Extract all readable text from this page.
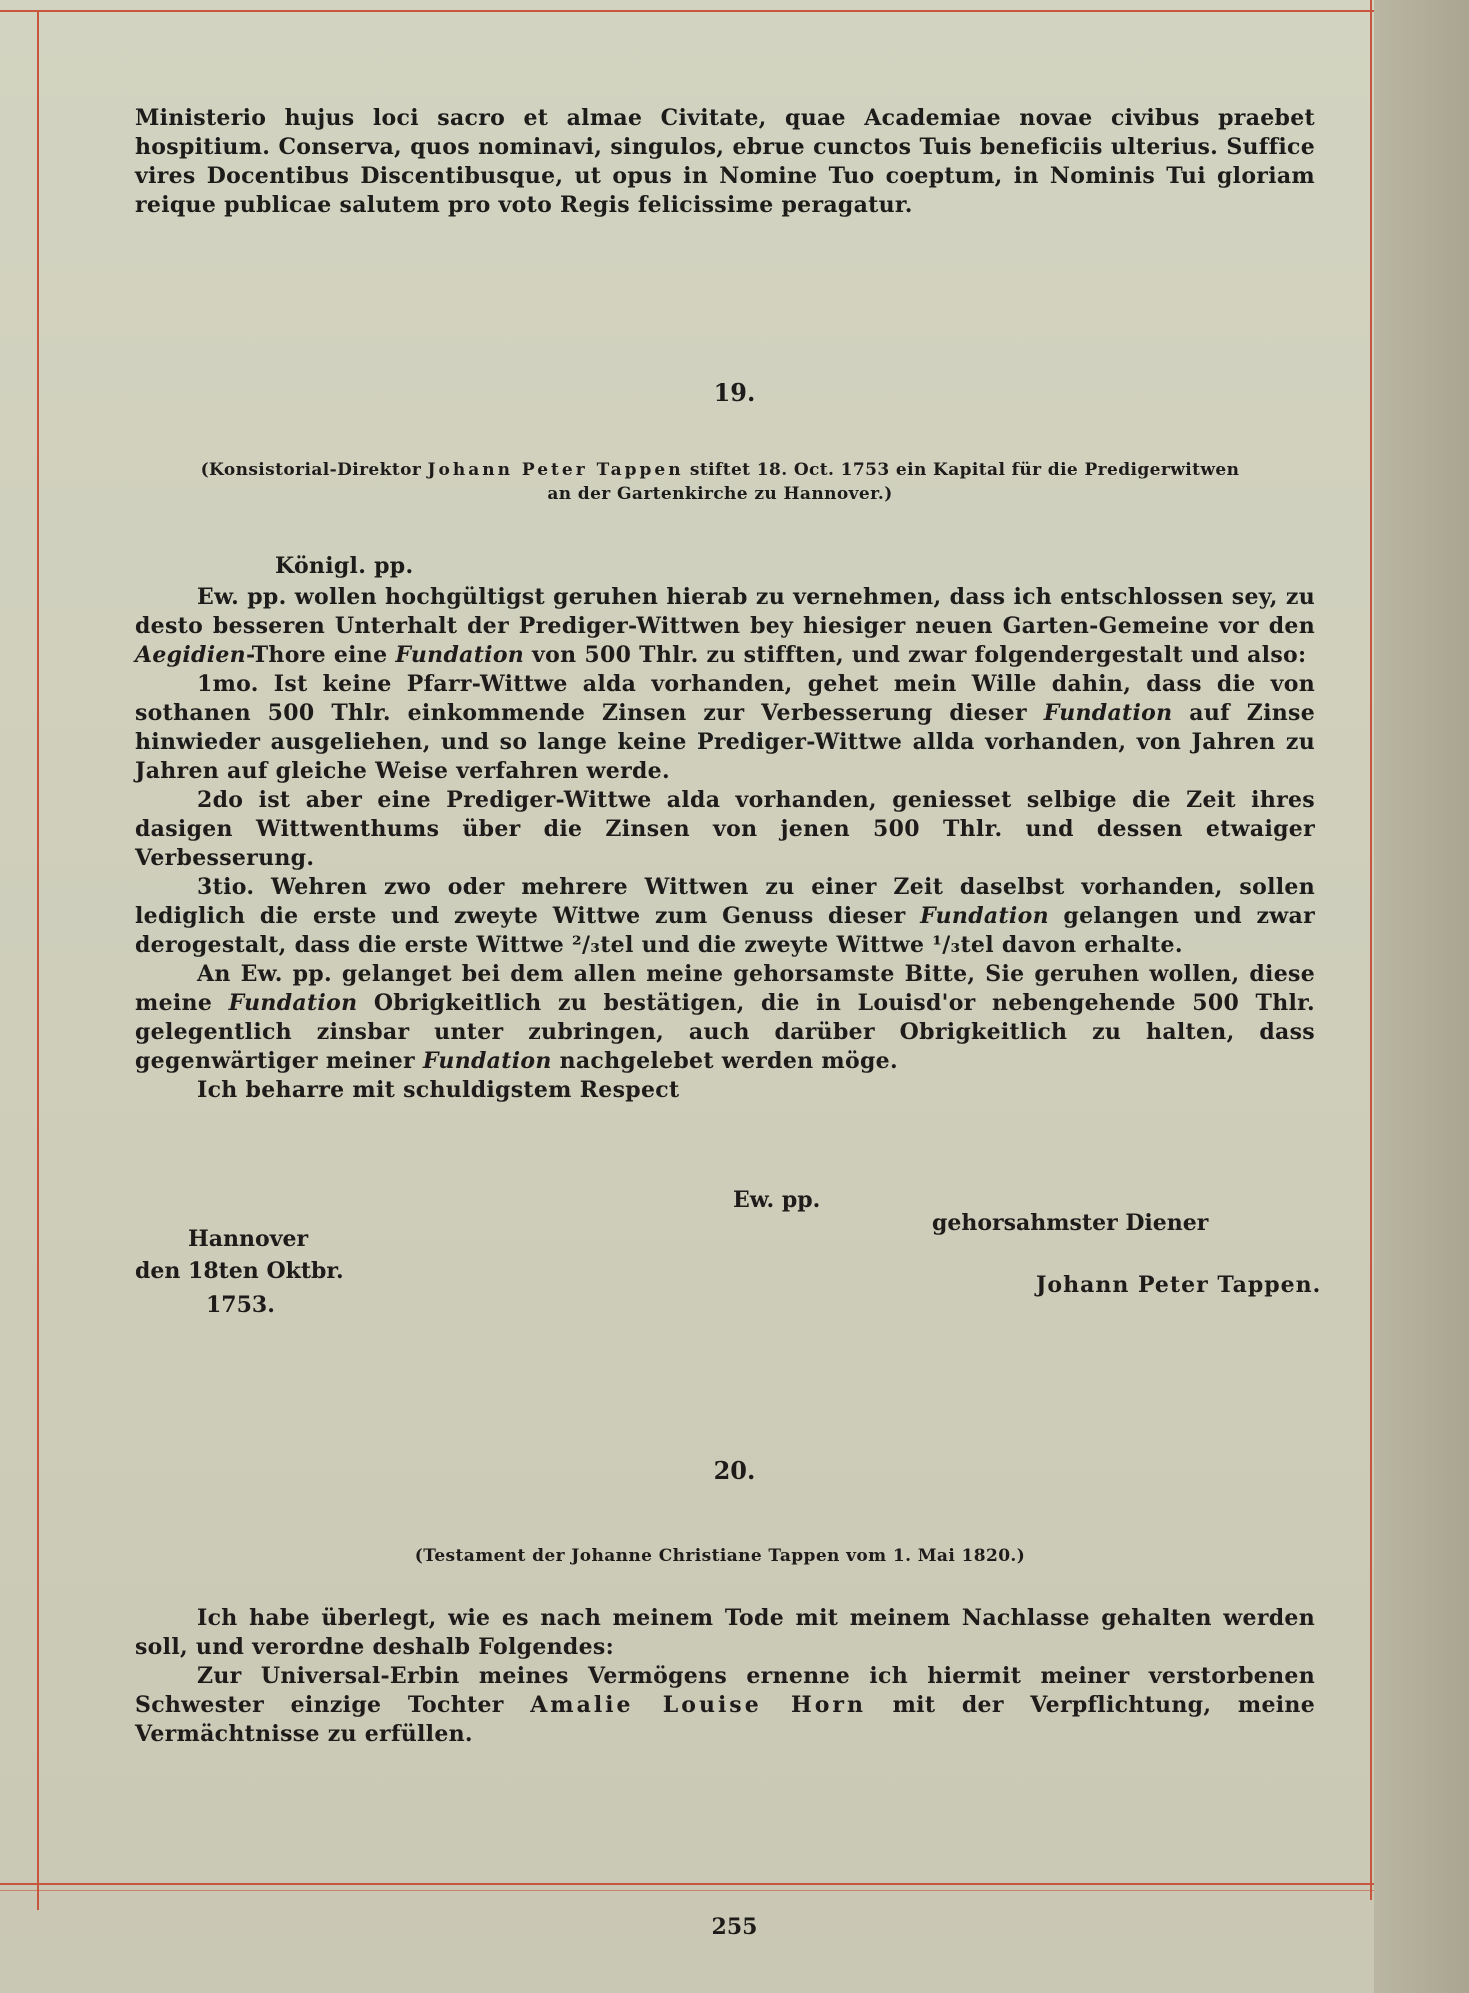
Ministerio hujus loci sacro et almae Civitate, quae Academiae novae civibus praebet hospitium. Conserva, quos nominavi, singulos, ebrue cunctos Tuis beneficiis ulterius. Suffice vires Docentibus Discentibusque, ut opus in Nomine Tuo coeptum, in Nominis Tui gloriam reique publicae salutem pro voto Regis felicissime peragatur.

19.
(Konsistorial-Direktor Johann Peter Tappen stiftet 18. Oct. 1753 ein Kapital für die Predigerwitwen
an der Gartenkirche zu Hannover.)

Königl. pp.

Ew. pp. wollen hochgültigst geruhen hierab zu vernehmen, dass ich entschlossen sey, zu desto besseren Unterhalt der Prediger-Wittwen bey hiesiger neuen Garten-Gemeine vor den Aegidien-Thore eine Fundation von 500 Thlr. zu stifften, und zwar folgendergestalt und also:

1mo. Ist keine Pfarr-Wittwe alda vorhanden, gehet mein Wille dahin, dass die von sothanen 500 Thlr. einkommende Zinsen zur Verbesserung dieser Fundation auf Zinse hinwieder ausgeliehen, und so lange keine Prediger-Wittwe allda vorhanden, von Jahren zu Jahren auf gleiche Weise verfahren werde.

2do ist aber eine Prediger-Wittwe alda vorhanden, geniesset selbige die Zeit ihres dasigen Wittwenthums über die Zinsen von jenen 500 Thlr. und dessen etwaiger Verbesserung.

3tio. Wehren zwo oder mehrere Wittwen zu einer Zeit daselbst vorhanden, sollen lediglich die erste und zweyte Wittwe zum Genuss dieser Fundation gelangen und zwar derogestalt, dass die erste Wittwe ²/₃tel und die zweyte Wittwe ¹/₃tel davon erhalte.

An Ew. pp. gelanget bei dem allen meine gehorsamste Bitte, Sie geruhen wollen, diese meine Fundation Obrigkeitlich zu bestätigen, die in Louisd'or nebengehende 500 Thlr. gelegentlich zinsbar unter zubringen, auch darüber Obrigkeitlich zu halten, dass gegenwärtiger meiner Fundation nachgelebet werden möge.

Ich beharre mit schuldigstem Respect

Ew. pp.
gehorsahmster Diener
Hannover
den 18ten Oktbr.
Johann Peter Tappen.
1753.
20.
(Testament der Johanne Christiane Tappen vom 1. Mai 1820.)

Ich habe überlegt, wie es nach meinem Tode mit meinem Nachlasse gehalten werden soll, und verordne deshalb Folgendes:

Zur Universal-Erbin meines Vermögens ernenne ich hiermit meiner verstorbenen Schwester einzige Tochter Amalie Louise Horn mit der Verpflichtung, meine Vermächtnisse zu erfüllen.

255
